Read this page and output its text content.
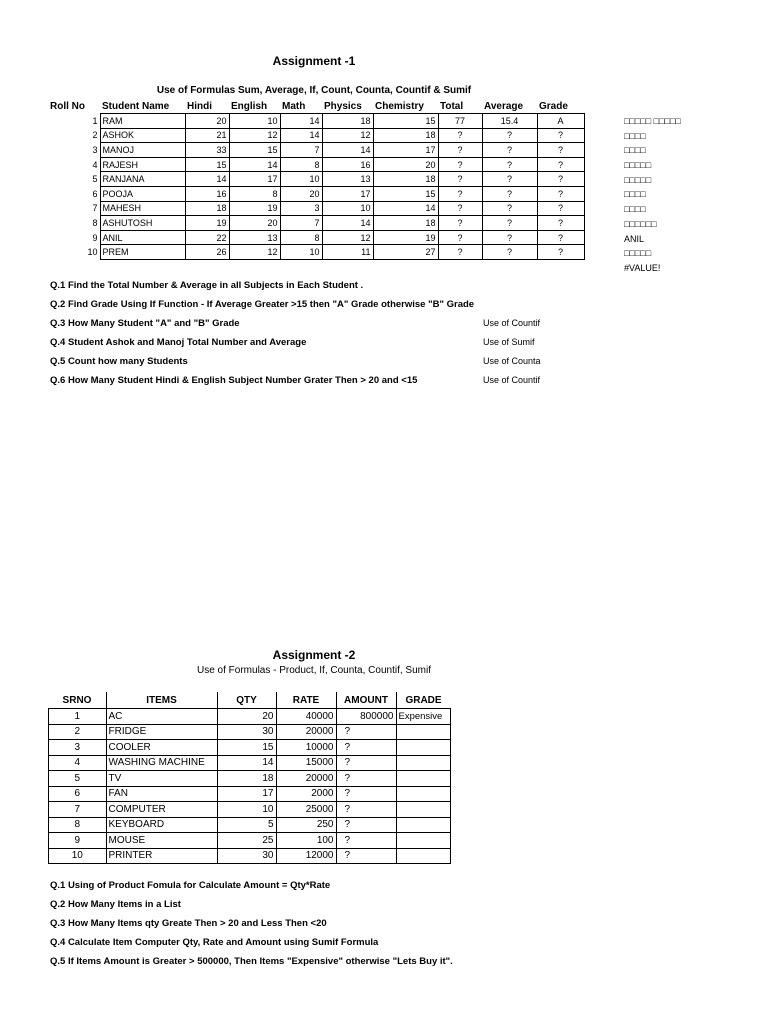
Assignment -1
Use of Formulas Sum, Average, If, Count, Counta, Countif & Sumif
Roll No	Student Name	Hindi	English	Math	Physics	Chemistry	Total	Average	Grade
1	RAM	20	10	14	18	15	77	15.4	A
2	ASHOK	21	12	14	12	18	?	?	?
3	MANOJ	33	15	7	14	17	?	?	?
4	RAJESH	15	14	8	16	20	?	?	?
5	RANJANA	14	17	10	13	18	?	?	?
6	POOJA	16	8	20	17	15	?	?	?
7	MAHESH	18	19	3	10	14	?	?	?
8	ASHUTOSH	19	20	7	14	18	?	?	?
9	ANIL	22	13	8	12	19	?	?	?
10	PREM	26	12	10	11	27	?	?	?
□□□□□ □□□□□
□□□□
□□□□
□□□□□
□□□□□
□□□□
□□□□
□□□□□□
ANIL
□□□□□
#VALUE!
Q.1 Find the Total Number & Average in all Subjects in Each Student .
Q.2 Find Grade Using If Function - If Average Greater >15 then "A" Grade otherwise "B" Grade
Q.3 How Many Student "A" and "B" Grade
Q.4 Student Ashok and Manoj Total Number and Average
Q.5 Count how many Students
Q.6 How Many Student Hindi & English Subject Number Grater Then > 20 and <15
Use of Countif
Use of Sumif
Use of Counta
Use of Countif
Assignment -2
Use of Formulas - Product, If, Counta, Countif, Sumif
SRNO	ITEMS	QTY	RATE	AMOUNT	GRADE
1	AC	20	40000	800000	Expensive
2	FRIDGE	30	20000	?	
3	COOLER	15	10000	?	
4	WASHING MACHINE	14	15000	?	
5	TV	18	20000	?	
6	FAN	17	2000	?	
7	COMPUTER	10	25000	?	
8	KEYBOARD	5	250	?	
9	MOUSE	25	100	?	
10	PRINTER	30	12000	?	
Q.1 Using of Product Fomula for Calculate Amount = Qty*Rate
Q.2 How Many Items in a List
Q.3 How Many Items qty Greate Then > 20 and Less Then <20
Q.4 Calculate Item Computer Qty, Rate and Amount using Sumif Formula
Q.5 If Items Amount is Greater > 500000, Then Items "Expensive" otherwise "Lets Buy it".
